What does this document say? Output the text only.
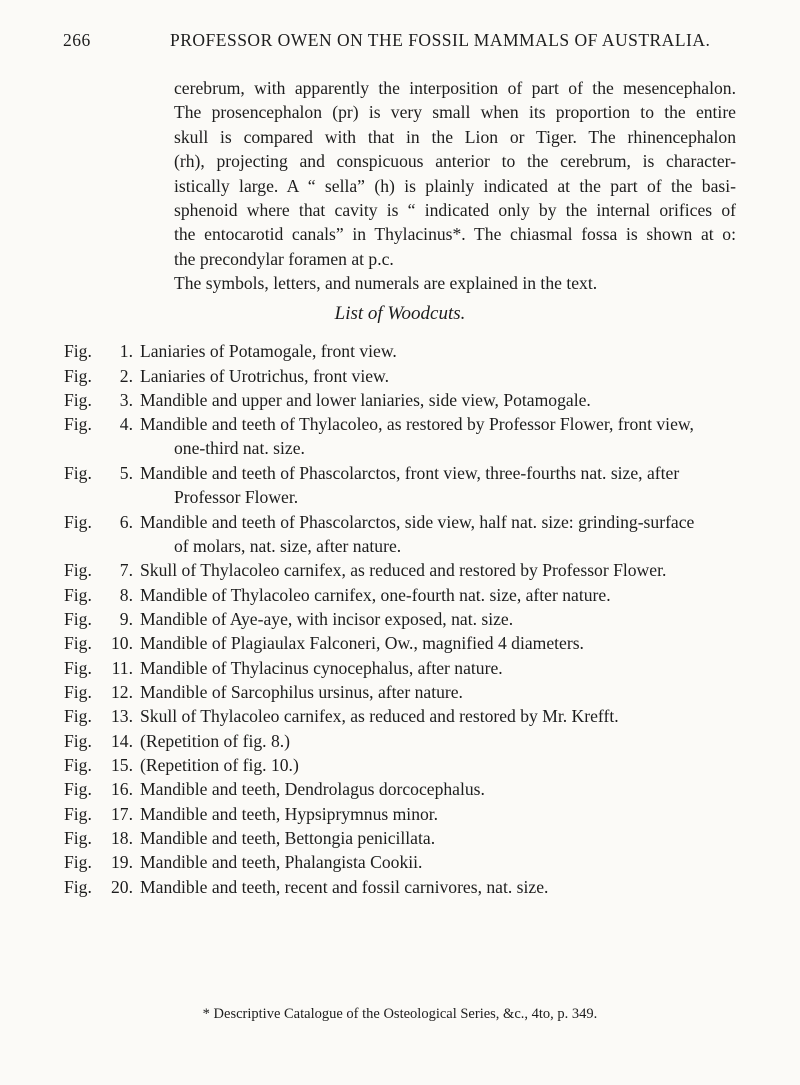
266	PROFESSOR OWEN ON THE FOSSIL MAMMALS OF AUSTRALIA.
cerebrum, with apparently the interposition of part of the mesencephalon.
The prosencephalon (pr) is very small when its proportion to the entire
skull is compared with that in the Lion or Tiger. The rhinencephalon
(rh), projecting and conspicuous anterior to the cerebrum, is character-
istically large. A “ sella” (h) is plainly indicated at the part of the basi-
sphenoid where that cavity is “ indicated only by the internal orifices of
the entocarotid canals” in Thylacinus*. The chiasmal fossa is shown at o:
the precondylar foramen at p.c.
The symbols, letters, and numerals are explained in the text.
List of Woodcuts.
Fig.	1. Laniaries of Potamogale, front view.
Fig.	2. Laniaries of Urotrichus, front view.
Fig.	3. Mandible and upper and lower laniaries, side view, Potamogale.
Fig.	4. Mandible and teeth of Thylacoleo, as restored by Professor Flower, front view,
one-third nat. size.
Fig.	5. Mandible and teeth of Phascolarctos, front view, three-fourths nat. size, after
Professor Flower.
Fig.	6. Mandible and teeth of Phascolarctos, side view, half nat. size: grinding-surface
of molars, nat. size, after nature.
Fig.	7. Skull of Thylacoleo carnifex, as reduced and restored by Professor Flower.
Fig.	8. Mandible of Thylacoleo carnifex, one-fourth nat. size, after nature.
Fig.	9. Mandible of Aye-aye, with incisor exposed, nat. size.
Fig. 10. Mandible of Plagiaulax Falconeri, Ow., magnified 4 diameters.
Fig. 11. Mandible of Thylacinus cynocephalus, after nature.
Fig. 12. Mandible of Sarcophilus ursinus, after nature.
Fig. 13. Skull of Thylacoleo carnifex, as reduced and restored by Mr. Krefft.
Fig. 14. (Repetition of fig. 8.)
Fig. 15. (Repetition of fig. 10.)
Fig. 16. Mandible and teeth, Dendrolagus dorcocephalus.
Fig. 17. Mandible and teeth, Hypsiprymnus minor.
Fig. 18. Mandible and teeth, Bettongia penicillata.
Fig. 19. Mandible and teeth, Phalangista Cookii.
Fig. 20. Mandible and teeth, recent and fossil carnivores, nat. size.
* Descriptive Catalogue of the Osteological Series, &c., 4to, p. 349.
